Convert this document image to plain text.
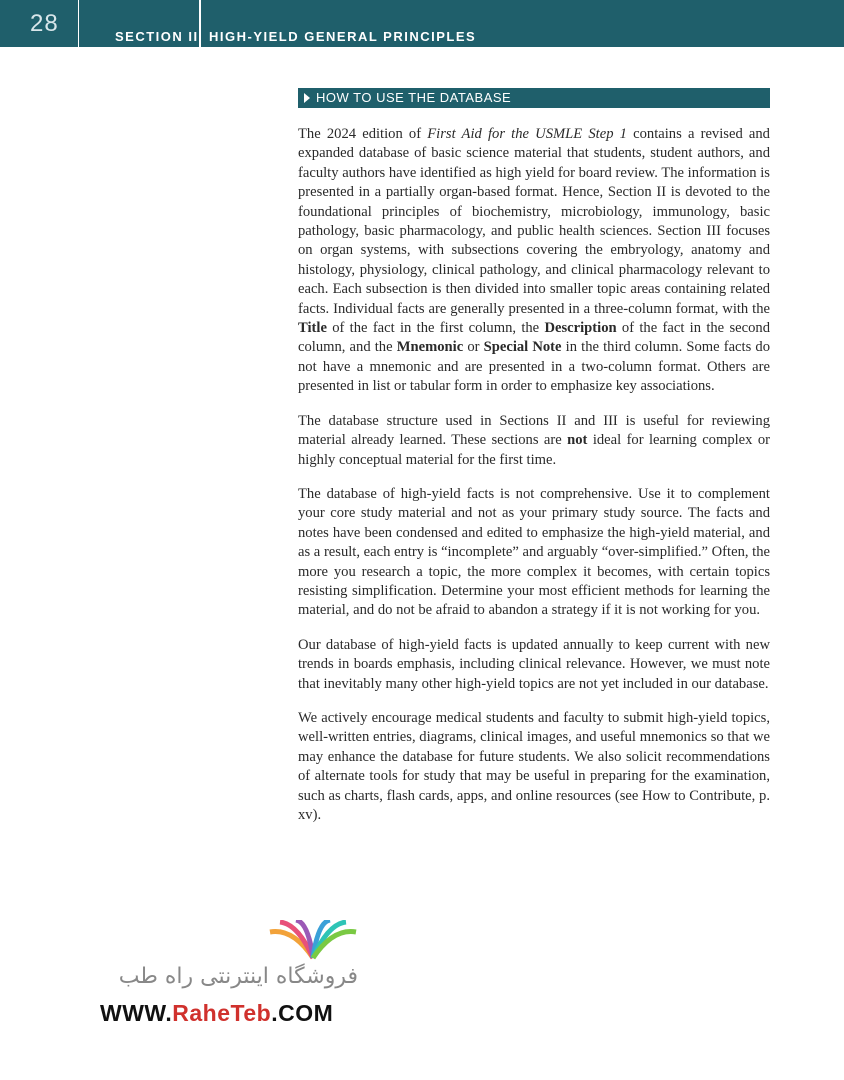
28	SECTION II HIGH-YIELD GENERAL PRINCIPLES
HOW TO USE THE DATABASE

The 2024 edition of First Aid for the USMLE Step 1 contains a revised and expanded database of basic science material that students, student authors, and faculty authors have identified as high yield for board review. The information is presented in a partially organ-based format. Hence, Section II is devoted to the foundational principles of biochemistry, microbiology, immunology, basic pathology, basic pharmacology, and public health sciences. Section III focuses on organ systems, with subsections covering the embryology, anatomy and histology, physiology, clinical pathology, and clinical pharmacology relevant to each. Each subsection is then divided into smaller topic areas containing related facts. Individual facts are generally presented in a three-column format, with the Title of the fact in the first column, the Description of the fact in the second column, and the Mnemonic or Special Note in the third column. Some facts do not have a mnemonic and are presented in a two-column format. Others are presented in list or tabular form in order to emphasize key associations.

The database structure used in Sections II and III is useful for reviewing material already learned. These sections are not ideal for learning complex or highly conceptual material for the first time.

The database of high-yield facts is not comprehensive. Use it to complement your core study material and not as your primary study source. The facts and notes have been condensed and edited to emphasize the high-yield material, and as a result, each entry is “incomplete” and arguably “over-simplified.” Often, the more you research a topic, the more complex it becomes, with certain topics resisting simplification. Determine your most efficient methods for learning the material, and do not be afraid to abandon a strategy if it is not working for you.

Our database of high-yield facts is updated annually to keep current with new trends in boards emphasis, including clinical relevance. However, we must note that inevitably many other high-yield topics are not yet included in our database.

We actively encourage medical students and faculty to submit high-yield topics, well-written entries, diagrams, clinical images, and useful mnemonics so that we may enhance the database for future students. We also solicit recommendations of alternate tools for study that may be useful in preparing for the examination, such as charts, flash cards, apps, and online resources (see How to Contribute, p. xv).

فروشگاه اینترنتی راه طب
WWW.RaheTeb.COM
